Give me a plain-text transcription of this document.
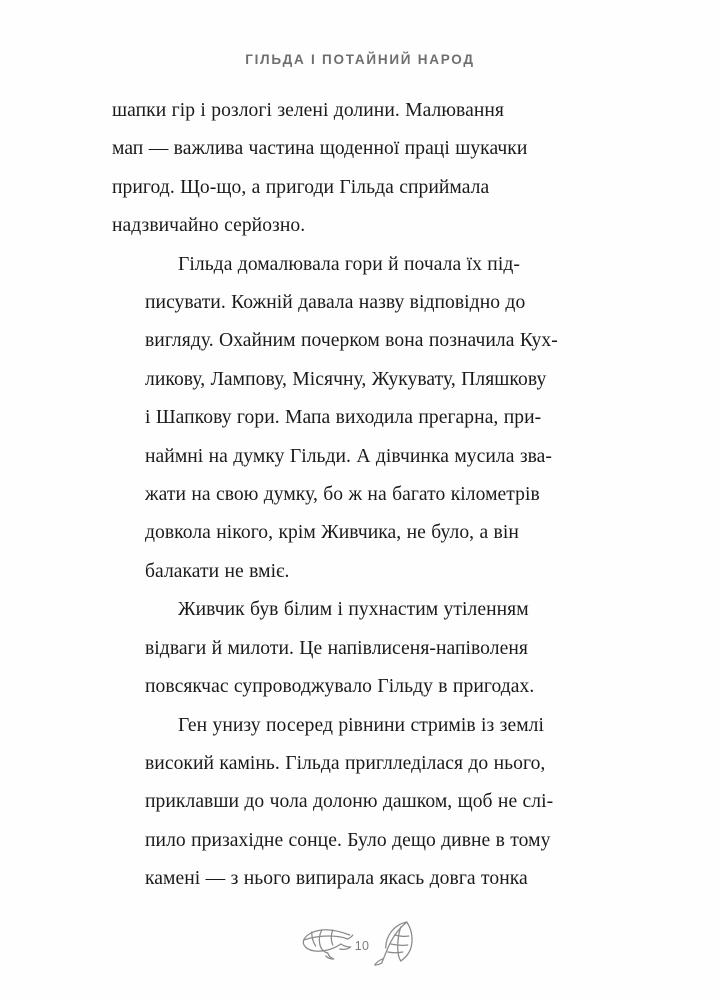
ГІЛЬДА І ПОТАЙНИЙ НАРОД

шапки гір і розлогі зелені долини. Малювання
мап — важлива частина щоденної праці шукачки
пригод. Що-що, а пригоди Гільда сприймала
надзвичайно серйозно.

Гільда домалювала гори й почала їх під-
писувати. Кожній давала назву відповідно до
вигляду. Охайним почерком вона позначила Кух-
ликову, Лампову, Місячну, Жукувату, Пляшкову
і Шапкову гори. Мапа виходила прегарна, при-
наймні на думку Гільди. А дівчинка мусила зва-
жати на свою думку, бо ж на багато кілометрів
довкола нікого, крім Живчика, не було, а він
балакати не вміє.

Живчик був білим і пухнастим утіленням
відваги й милоти. Це напівлисеня-напіволеня
повсякчас супроводжувало Гільду в пригодах.

Ген унизу посеред рівнини стримів із землі
високий камінь. Гільда приглледілася до нього,
приклавши до чола долоню дашком, щоб не слі-
пило призахідне сонце. Було дещо дивне в тому
камені — з нього випирала якась довга тонка

10
